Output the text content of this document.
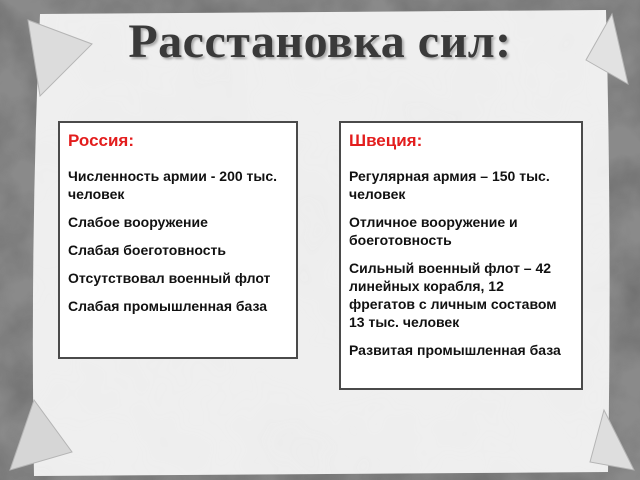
Расстановка сил:
Россия:
Численность армии - 200 тыс. человек
Слабое вооружение
Слабая боеготовность
Отсутствовал военный флот
Слабая промышленная база
Швеция:
Регулярная армия – 150 тыс. человек
Отличное вооружение и боеготовность
Сильный военный флот – 42 линейных корабля, 12 фрегатов с личным составом 13 тыс. человек
Развитая промышленная база
